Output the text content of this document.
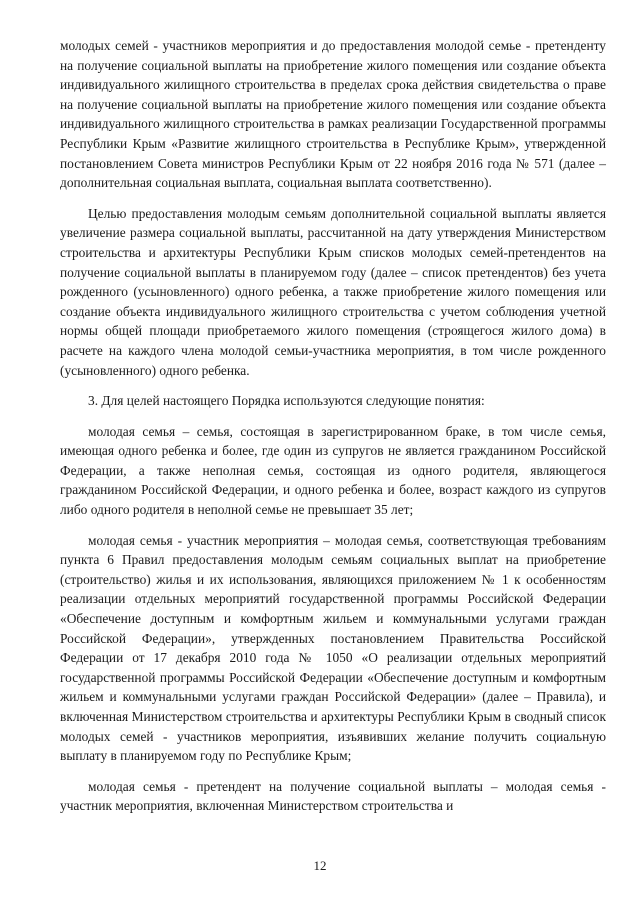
молодых семей - участников мероприятия и до предоставления молодой семье - претенденту на получение социальной выплаты на приобретение жилого помещения или создание объекта индивидуального жилищного строительства в пределах срока действия свидетельства о праве на получение социальной выплаты на приобретение жилого помещения или создание объекта индивидуального жилищного строительства в рамках реализации Государственной программы Республики Крым «Развитие жилищного строительства в Республике Крым», утвержденной постановлением Совета министров Республики Крым от 22 ноября 2016 года № 571 (далее – дополнительная социальная выплата, социальная выплата соответственно).

Целью предоставления молодым семьям дополнительной социальной выплаты является увеличение размера социальной выплаты, рассчитанной на дату утверждения Министерством строительства и архитектуры Республики Крым списков молодых семей-претендентов на получение социальной выплаты в планируемом году (далее – список претендентов) без учета рожденного (усыновленного) одного ребенка, а также приобретение жилого помещения или создание объекта индивидуального жилищного строительства с учетом соблюдения учетной нормы общей площади приобретаемого жилого помещения (строящегося жилого дома) в расчете на каждого члена молодой семьи-участника мероприятия, в том числе рожденного (усыновленного) одного ребенка.

3. Для целей настоящего Порядка используются следующие понятия:

молодая семья – семья, состоящая в зарегистрированном браке, в том числе семья, имеющая одного ребенка и более, где один из супругов не является гражданином Российской Федерации, а также неполная семья, состоящая из одного родителя, являющегося гражданином Российской Федерации, и одного ребенка и более, возраст каждого из супругов либо одного родителя в неполной семье не превышает 35 лет;

молодая семья - участник мероприятия – молодая семья, соответствующая требованиям пункта 6 Правил предоставления молодым семьям социальных выплат на приобретение (строительство) жилья и их использования, являющихся приложением № 1 к особенностям реализации отдельных мероприятий государственной программы Российской Федерации «Обеспечение доступным и комфортным жильем и коммунальными услугами граждан Российской Федерации», утвержденных постановлением Правительства Российской Федерации от 17 декабря 2010 года № 1050 «О реализации отдельных мероприятий государственной программы Российской Федерации «Обеспечение доступным и комфортным жильем и коммунальными услугами граждан Российской Федерации» (далее – Правила), и включенная Министерством строительства и архитектуры Республики Крым в сводный список молодых семей - участников мероприятия, изъявивших желание получить социальную выплату в планируемом году по Республике Крым;

молодая семья - претендент на получение социальной выплаты – молодая семья - участник мероприятия, включенная Министерством строительства и

12
